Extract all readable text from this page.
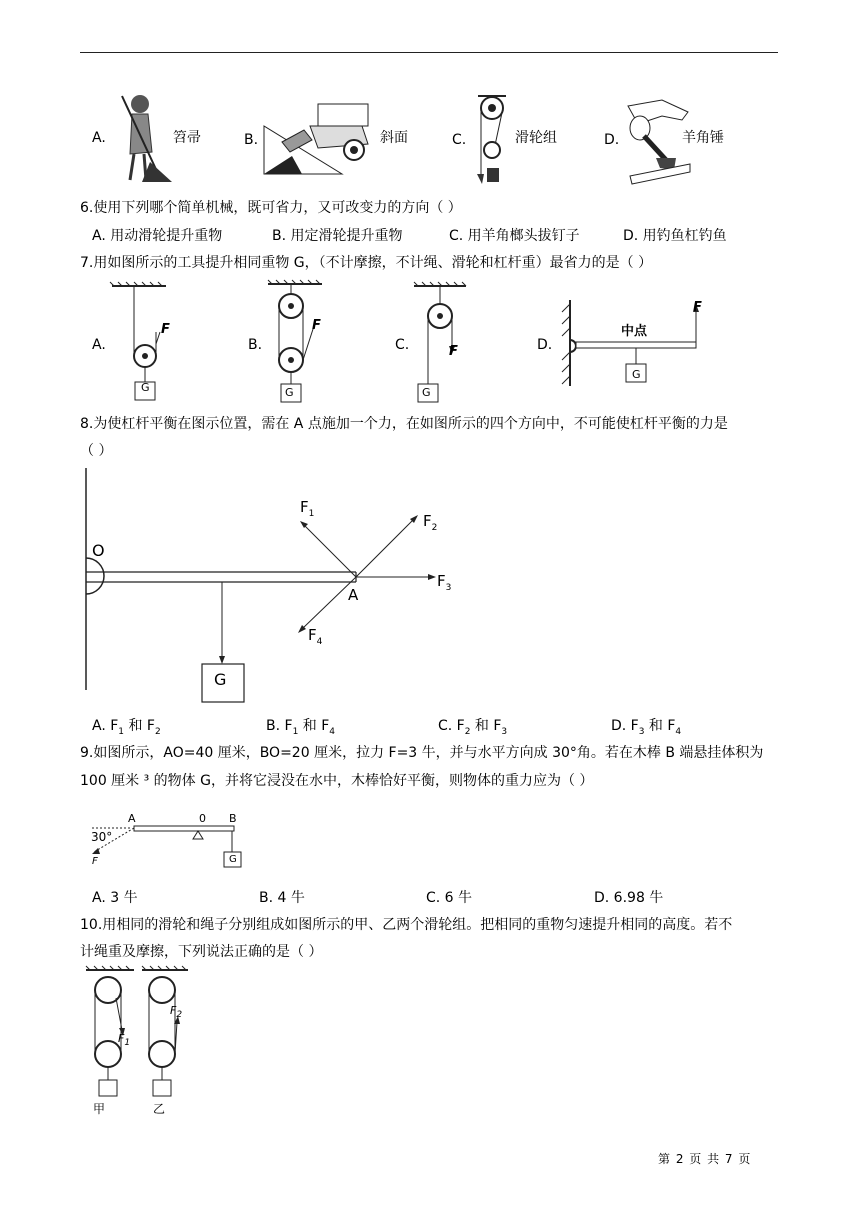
A.	笤帚	B.	斜面	C.	滑轮组	D.	羊角锤
6.使用下列哪个简单机械，既可省力，又可改变力的方向（ ）
A. 用动滑轮提升重物	B. 用定滑轮提升重物	C. 用羊角榔头拔钉子	D. 用钓鱼杠钓鱼
7.用如图所示的工具提升相同重物 G，（不计摩擦，不计绳、滑轮和杠杆重）最省力的是（ ）
A.
F
G
B.
F
G
C.	F
G
D.
中点
F
G
8.为使杠杆平衡在图示位置，需在 A 点施加一个力，在如图所示的四个方向中，不可能使杠杆平衡的力是
（ ）
O
A
G
$F_1$	$F_2$
$F_3$
$F_4$
A. $F_1$ 和 $F_2$	B. $F_1$ 和 $F_4$	C. $F_2$ 和 $F_3$	D. $F_3$ 和 $F_4$
9.如图所示，AO=40 厘米，BO=20 厘米，拉力 F=3 牛，并与水平方向成 30°角。若在木棒 B 端悬挂体积为
100 厘米 ³ 的物体 G，并将它浸没在水中，木棒恰好平衡，则物体的重力应为（ ）
A	0 B
30°
F	G
A. 3 牛	B. 4 牛	C. 6 牛	D. 6.98 牛
10.用相同的滑轮和绳子分别组成如图所示的甲、乙两个滑轮组。把相同的重物匀速提升相同的高度。若不
计绳重及摩擦，下列说法正确的是（ ）
$F_1$
$F_2$
甲	乙
第 2 页 共 7 页
